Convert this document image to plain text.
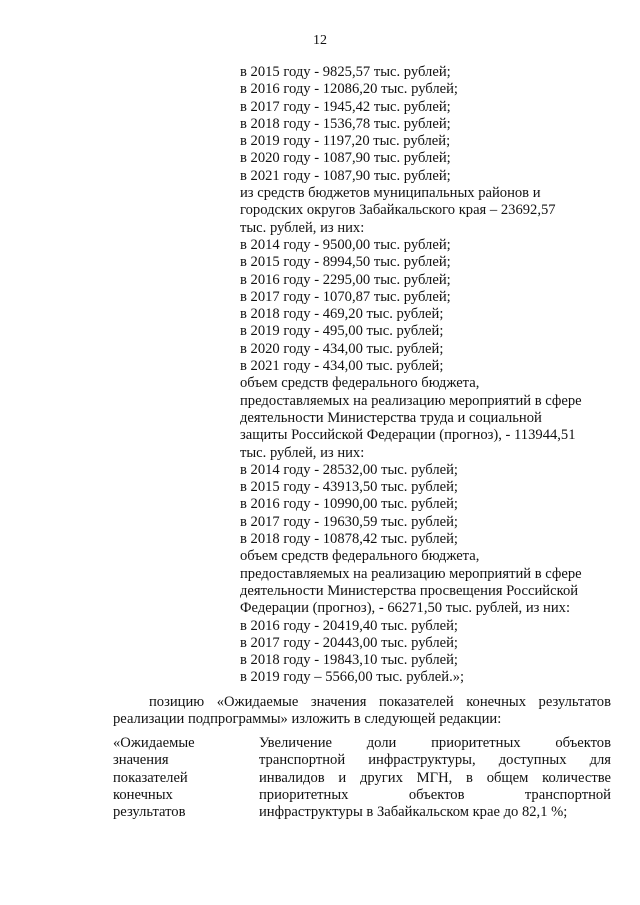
12
в 2015 году - 9825,57 тыс. рублей;
в 2016 году - 12086,20 тыс. рублей;
в 2017 году - 1945,42 тыс. рублей;
в 2018 году - 1536,78 тыс. рублей;
в 2019 году - 1197,20 тыс. рублей;
в 2020 году - 1087,90 тыс. рублей;
в 2021 году - 1087,90 тыс. рублей;
из средств бюджетов муниципальных районов и
городских округов Забайкальского края – 23692,57
тыс. рублей, из них:
в 2014 году - 9500,00 тыс. рублей;
в 2015 году - 8994,50 тыс. рублей;
в 2016 году - 2295,00 тыс. рублей;
в 2017 году - 1070,87 тыс. рублей;
в 2018 году - 469,20 тыс. рублей;
в 2019 году - 495,00 тыс. рублей;
в 2020 году - 434,00 тыс. рублей;
в 2021 году - 434,00 тыс. рублей;
объем средств федерального бюджета,
предоставляемых на реализацию мероприятий в сфере
деятельности Министерства труда и социальной
защиты Российской Федерации (прогноз), - 113944,51
тыс. рублей, из них:
в 2014 году - 28532,00 тыс. рублей;
в 2015 году - 43913,50 тыс. рублей;
в 2016 году - 10990,00 тыс. рублей;
в 2017 году - 19630,59 тыс. рублей;
в 2018 году - 10878,42 тыс. рублей;
объем средств федерального бюджета,
предоставляемых на реализацию мероприятий в сфере
деятельности Министерства просвещения Российской
Федерации (прогноз), - 66271,50 тыс. рублей, из них:
в 2016 году - 20419,40 тыс. рублей;
в 2017 году - 20443,00 тыс. рублей;
в 2018 году - 19843,10 тыс. рублей;
в 2019 году – 5566,00 тыс. рублей.»;
позицию «Ожидаемые значения показателей конечных результатов
реализации подпрограммы» изложить в следующей редакции:
«Ожидаемые
значения
показателей
конечных
результатов
Увеличение доли приоритетных объектов
транспортной инфраструктуры, доступных для
инвалидов и других МГН, в общем количестве
приоритетных объектов транспортной
инфраструктуры в Забайкальском крае до 82,1 %;
